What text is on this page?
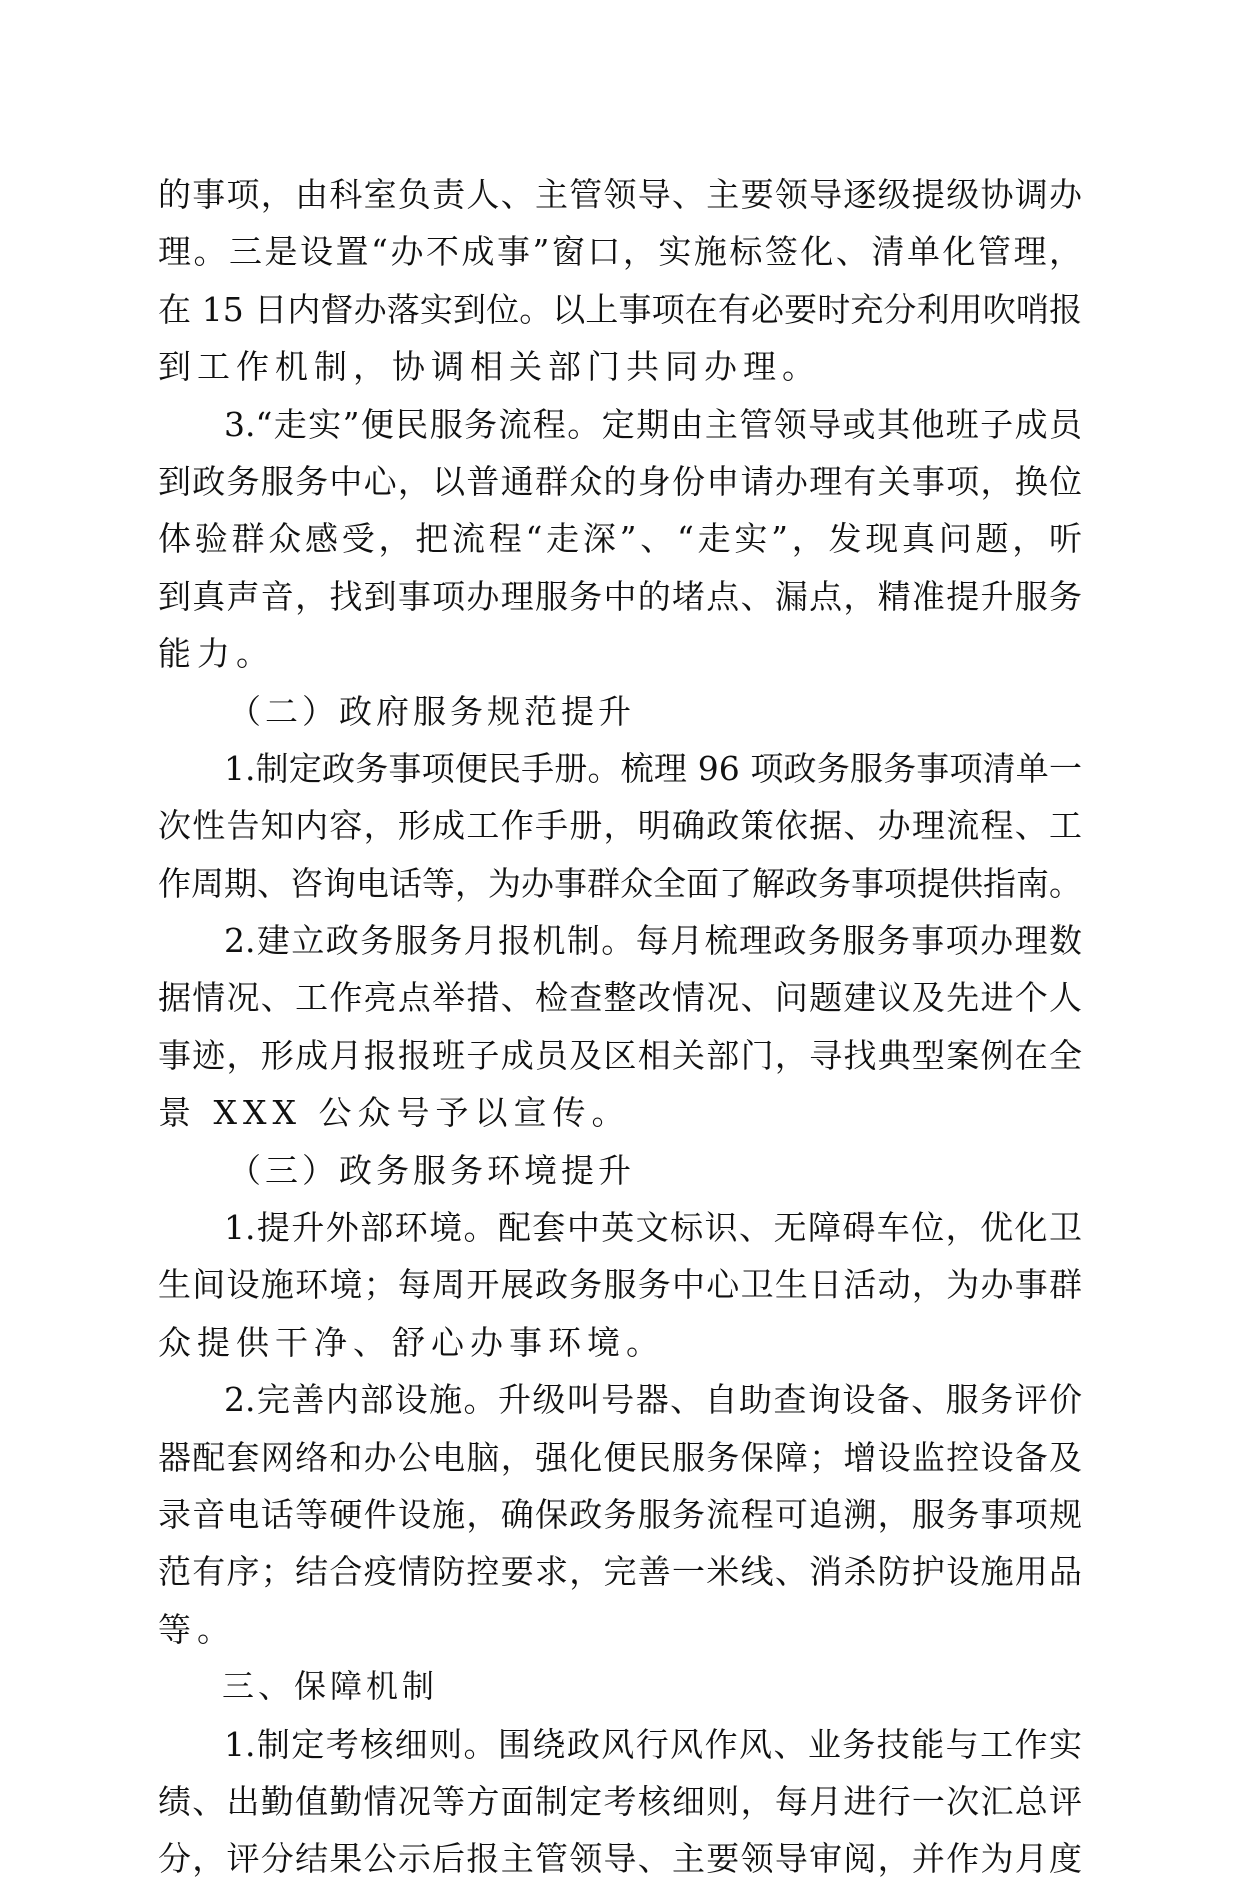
的事项，由科室负责人、主管领导、主要领导逐级提级协调办
理。三是设置“办不成事”窗口，实施标签化、清单化管理，
在 15 日内督办落实到位。以上事项在有必要时充分利用吹哨报
到工作机制，协调相关部门共同办理。
3.“走实”便民服务流程。定期由主管领导或其他班子成员
到政务服务中心，以普通群众的身份申请办理有关事项，换位
体验群众感受，把流程“走深”、“走实”，发现真问题，听
到真声音，找到事项办理服务中的堵点、漏点，精准提升服务
能力。
（二）政府服务规范提升
1.制定政务事项便民手册。梳理 96 项政务服务事项清单一
次性告知内容，形成工作手册，明确政策依据、办理流程、工
作周期、咨询电话等，为办事群众全面了解政务事项提供指南。
2.建立政务服务月报机制。每月梳理政务服务事项办理数
据情况、工作亮点举措、检查整改情况、问题建议及先进个人
事迹，形成月报报班子成员及区相关部门，寻找典型案例在全
景 XXX 公众号予以宣传。
（三）政务服务环境提升
1.提升外部环境。配套中英文标识、无障碍车位，优化卫
生间设施环境；每周开展政务服务中心卫生日活动，为办事群
众提供干净、舒心办事环境。
2.完善内部设施。升级叫号器、自助查询设备、服务评价
器配套网络和办公电脑，强化便民服务保障；增设监控设备及
录音电话等硬件设施，确保政务服务流程可追溯，服务事项规
范有序；结合疫情防控要求，完善一米线、消杀防护设施用品
等。
三、保障机制
1.制定考核细则。围绕政风行风作风、业务技能与工作实
绩、出勤值勤情况等方面制定考核细则，每月进行一次汇总评
分，评分结果公示后报主管领导、主要领导审阅，并作为月度
